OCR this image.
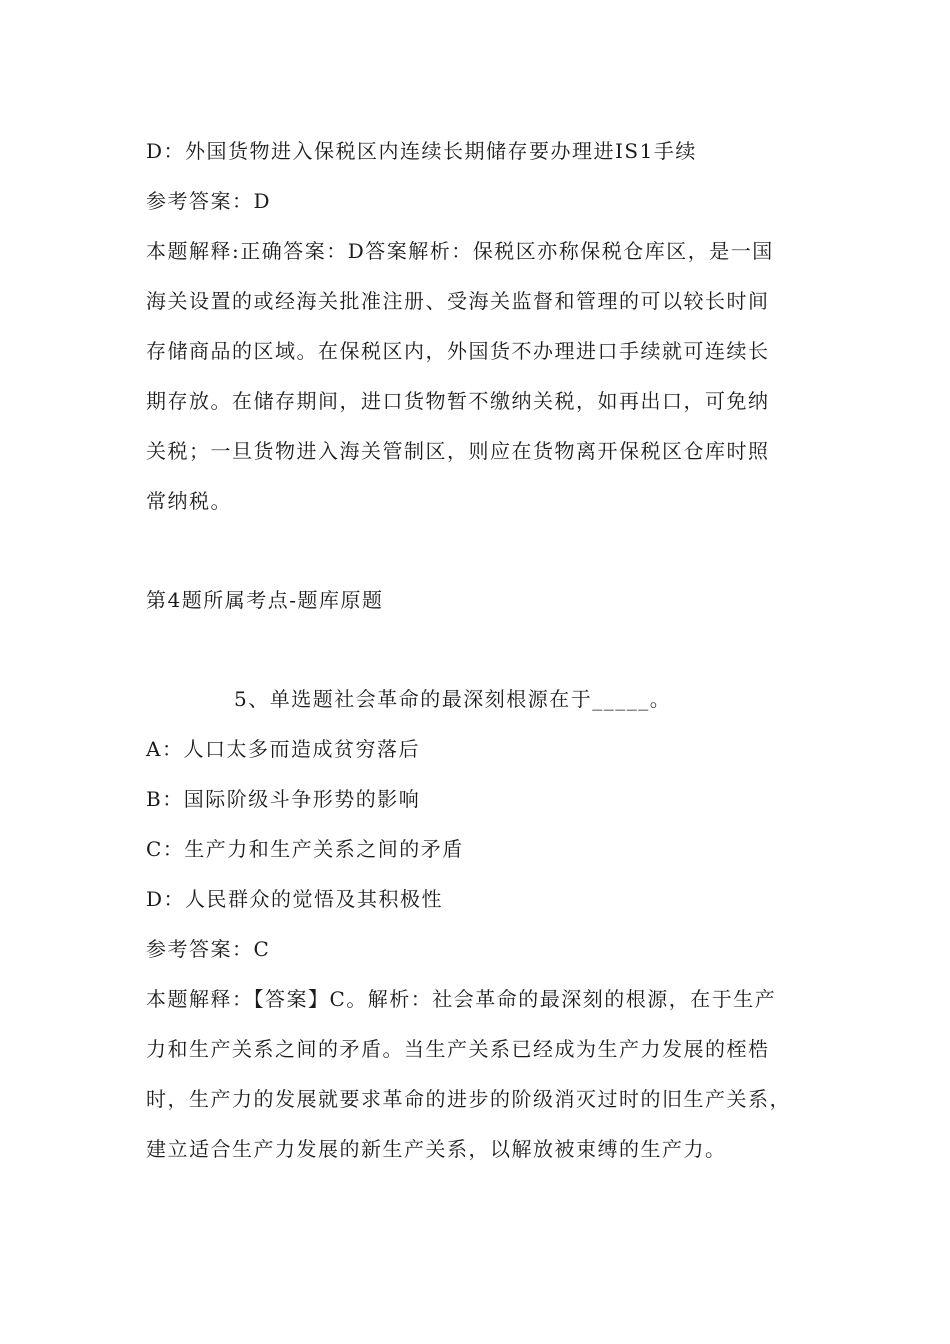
D：外国货物进入保税区内连续长期储存要办理进IS1手续
参考答案：D
本题解释:正确答案：D答案解析：保税区亦称保税仓库区，是一国
海关设置的或经海关批准注册、受海关监督和管理的可以较长时间
存储商品的区域。在保税区内，外国货不办理进口手续就可连续长
期存放。在储存期间，进口货物暂不缴纳关税，如再出口，可免纳
关税；一旦货物进入海关管制区，则应在货物离开保税区仓库时照
常纳税。
第4题所属考点-题库原题
5、单选题社会革命的最深刻根源在于_____。
A：人口太多而造成贫穷落后
B：国际阶级斗争形势的影响
C：生产力和生产关系之间的矛盾
D：人民群众的觉悟及其积极性
参考答案：C
本题解释：【答案】C。解析：社会革命的最深刻的根源，在于生产
力和生产关系之间的矛盾。当生产关系已经成为生产力发展的桎梏
时，生产力的发展就要求革命的进步的阶级消灭过时的旧生产关系，
建立适合生产力发展的新生产关系，以解放被束缚的生产力。
